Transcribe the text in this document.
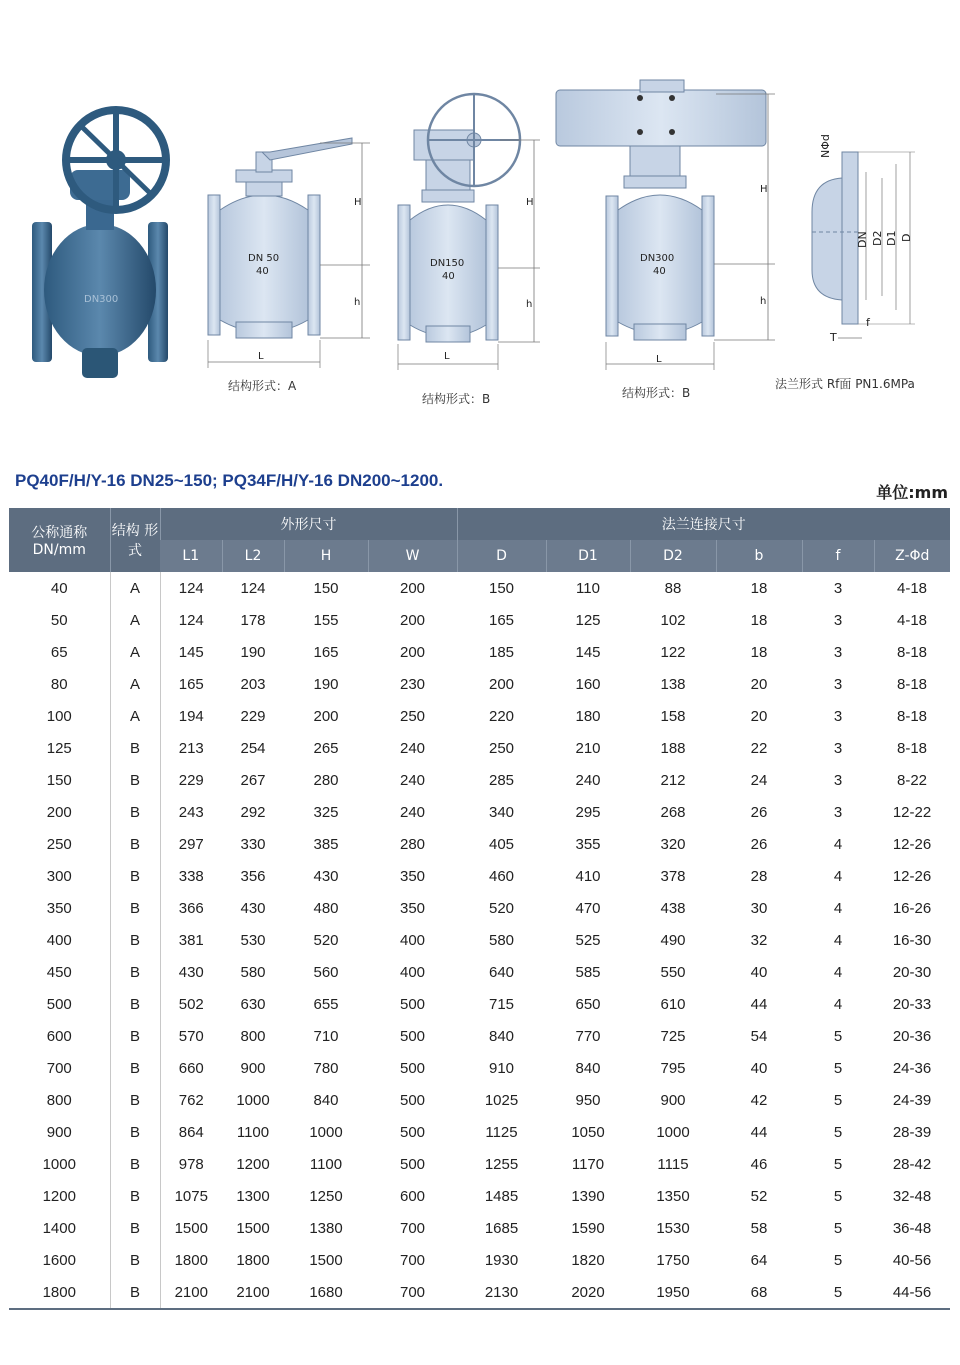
DN300
DN 50
40
H
h
L
DN150
40
H
h
L
DN300
40
H
h
L
NΦd
DN D2 D1 D
f
T
结构形式：A
结构形式：B	结构形式：B
法兰形式 Rf面 PN1.6MPa
PQ40F/H/Y-16 DN25~150; PQ34F/H/Y-16 DN200~1200.
单位:mm
公称通称 DN/mm	结构 形式	外形尺寸				法兰连接尺寸					
		L1	L2	H	W	D	D1	D2	b	f	Z-Φd
40	A	124	124	150	200	150	110	88	18	3	4-18
50	A	124	178	155	200	165	125	102	18	3	4-18
65	A	145	190	165	200	185	145	122	18	3	8-18
80	A	165	203	190	230	200	160	138	20	3	8-18
100	A	194	229	200	250	220	180	158	20	3	8-18
125	B	213	254	265	240	250	210	188	22	3	8-18
150	B	229	267	280	240	285	240	212	24	3	8-22
200	B	243	292	325	240	340	295	268	26	3	12-22
250	B	297	330	385	280	405	355	320	26	4	12-26
300	B	338	356	430	350	460	410	378	28	4	12-26
350	B	366	430	480	350	520	470	438	30	4	16-26
400	B	381	530	520	400	580	525	490	32	4	16-30
450	B	430	580	560	400	640	585	550	40	4	20-30
500	B	502	630	655	500	715	650	610	44	4	20-33
600	B	570	800	710	500	840	770	725	54	5	20-36
700	B	660	900	780	500	910	840	795	40	5	24-36
800	B	762	1000	840	500	1025	950	900	42	5	24-39
900	B	864	1100	1000	500	1125	1050	1000	44	5	28-39
1000	B	978	1200	1100	500	1255	1170	1115	46	5	28-42
1200	B	1075	1300	1250	600	1485	1390	1350	52	5	32-48
1400	B	1500	1500	1380	700	1685	1590	1530	58	5	36-48
1600	B	1800	1800	1500	700	1930	1820	1750	64	5	40-56
1800	B	2100	2100	1680	700	2130	2020	1950	68	5	44-56
